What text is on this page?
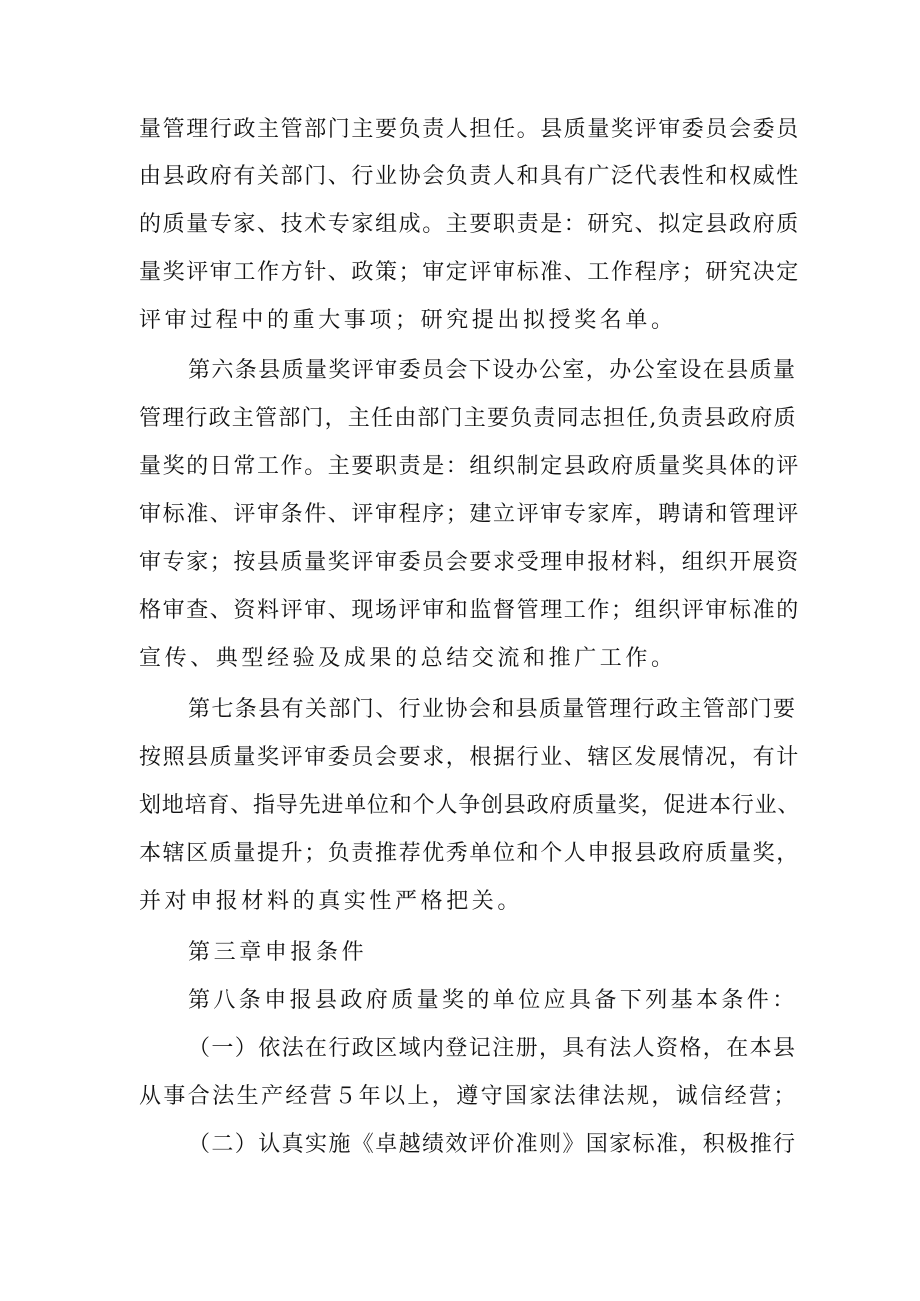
量管理行政主管部门主要负责人担任。县质量奖评审委员会委员
由县政府有关部门、行业协会负责人和具有广泛代表性和权威性
的质量专家、技术专家组成。主要职责是：研究、拟定县政府质
量奖评审工作方针、政策；审定评审标准、工作程序；研究决定
评审过程中的重大事项；研究提出拟授奖名单。
第六条县质量奖评审委员会下设办公室，办公室设在县质量
管理行政主管部门，主任由部门主要负责同志担任,负责县政府质
量奖的日常工作。主要职责是：组织制定县政府质量奖具体的评
审标准、评审条件、评审程序；建立评审专家库，聘请和管理评
审专家；按县质量奖评审委员会要求受理申报材料，组织开展资
格审查、资料评审、现场评审和监督管理工作；组织评审标准的
宣传、典型经验及成果的总结交流和推广工作。
第七条县有关部门、行业协会和县质量管理行政主管部门要
按照县质量奖评审委员会要求，根据行业、辖区发展情况，有计
划地培育、指导先进单位和个人争创县政府质量奖，促进本行业、
本辖区质量提升；负责推荐优秀单位和个人申报县政府质量奖，
并对申报材料的真实性严格把关。
第三章申报条件
第八条申报县政府质量奖的单位应具备下列基本条件：
（一）依法在行政区域内登记注册，具有法人资格，在本县
从事合法生产经营５年以上，遵守国家法律法规，诚信经营；
（二）认真实施《卓越绩效评价准则》国家标准，积极推行
